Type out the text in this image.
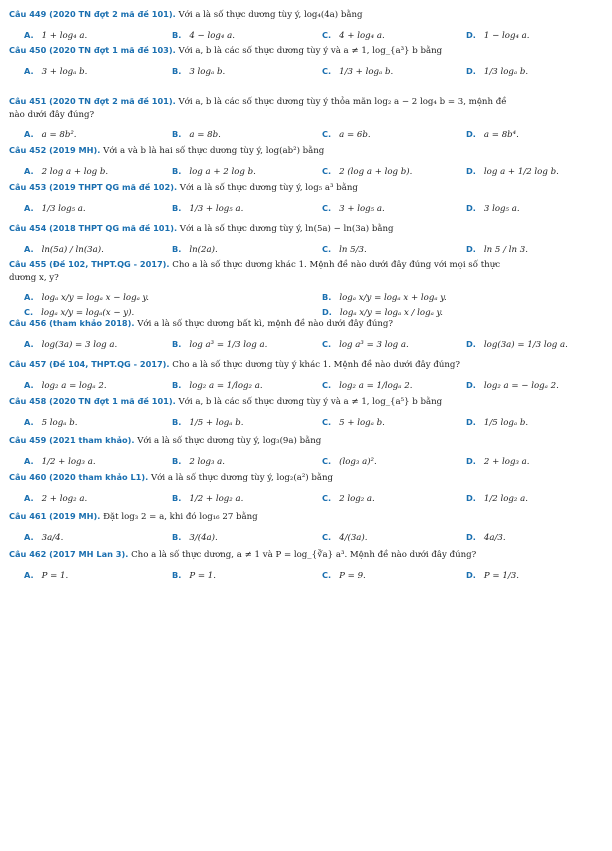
Câu 449 (2020 TN đợt 2 mã đề 101). Với a là số thực dương tùy ý, log₄(4a) bằng
A. 1 + log₄ a.	B. 4 − log₄ a.	C. 4 + log₄ a.	D. 1 − log₄ a.
Câu 450 (2020 TN đợt 1 mã đề 103). Với a, b là các số thực dương tùy ý và a ≠ 1, log_{a³} b bằng
A. 3 + logₐ b.	B. 3 logₐ b.	C. 1/3 + logₐ b.	D. 1/3 logₐ b.
Câu 451 (2020 TN đợt 2 mã đề 101). Với a, b là các số thực dương tùy ý thỏa mãn log₂ a − 2 log₄ b = 3, mệnh đề
nào dưới đây đúng?
A. a = 8b².	B. a = 8b.	C. a = 6b.	D. a = 8b⁴.
Câu 452 (2019 MH). Với a và b là hai số thực dương tùy ý, log(ab²) bằng
A. 2 log a + log b.	B. log a + 2 log b.	C. 2 (log a + log b).	D. log a + 1/2 log b.
Câu 453 (2019 THPT QG mã đề 102). Với a là số thực dương tùy ý, log₅ a³ bằng
A. 1/3 log₅ a.	B. 1/3 + log₅ a.	C. 3 + log₅ a.	D. 3 log₅ a.
Câu 454 (2018 THPT QG mã đề 101). Với a là số thực dương tùy ý, ln(5a) − ln(3a) bằng
A. ln(5a) / ln(3a).	B. ln(2a).	C. ln 5/3.	D. ln 5 / ln 3.
Câu 455 (Đề 102, THPT.QG - 2017). Cho a là số thực dương khác 1. Mệnh đề nào dưới đây đúng với mọi số thực
dương x, y?
A. logₐ x/y = logₐ x − logₐ y.	B. logₐ x/y = logₐ x + logₐ y.
C. logₐ x/y = logₐ(x − y).	D. logₐ x/y = logₐ x / logₐ y.
Câu 456 (tham khảo 2018). Với a là số thực dương bất kì, mệnh đề nào dưới đây đúng?
A. log(3a) = 3 log a.	B. log a³ = 1/3 log a.	C. log a³ = 3 log a.	D. log(3a) = 1/3 log a.
Câu 457 (Đề 104, THPT.QG - 2017). Cho a là số thực dương tùy ý khác 1. Mệnh đề nào dưới đây đúng?
A. log₂ a = logₐ 2.	B. log₂ a = 1/log₂ a.	C. log₂ a = 1/logₐ 2.	D. log₂ a = − logₐ 2.
Câu 458 (2020 TN đợt 1 mã đề 101). Với a, b là các số thực dương tùy ý và a ≠ 1, log_{a⁵} b bằng
A. 5 logₐ b.	B. 1/5 + logₐ b.	C. 5 + logₐ b.	D. 1/5 logₐ b.
Câu 459 (2021 tham khảo). Với a là số thực dương tùy ý, log₃(9a) bằng
A. 1/2 + log₃ a.	B. 2 log₃ a.	C. (log₃ a)².	D. 2 + log₃ a.
Câu 460 (2020 tham khảo L1). Với a là số thực dương tùy ý, log₂(a²) bằng
A. 2 + log₂ a.	B. 1/2 + log₂ a.	C. 2 log₂ a.	D. 1/2 log₂ a.
Câu 461 (2019 MH). Đặt log₃ 2 = a, khi đó log₁₆ 27 bằng
A. 3a/4.	B. 3/(4a).	C. 4/(3a).	D. 4a/3.
Câu 462 (2017 MH Lan 3). Cho a là số thực dương, a ≠ 1 và P = log_{∛a} a³. Mệnh đề nào dưới đây đúng?
A. P = 1.	B. P = 1.	C. P = 9.	D. P = 1/3.
